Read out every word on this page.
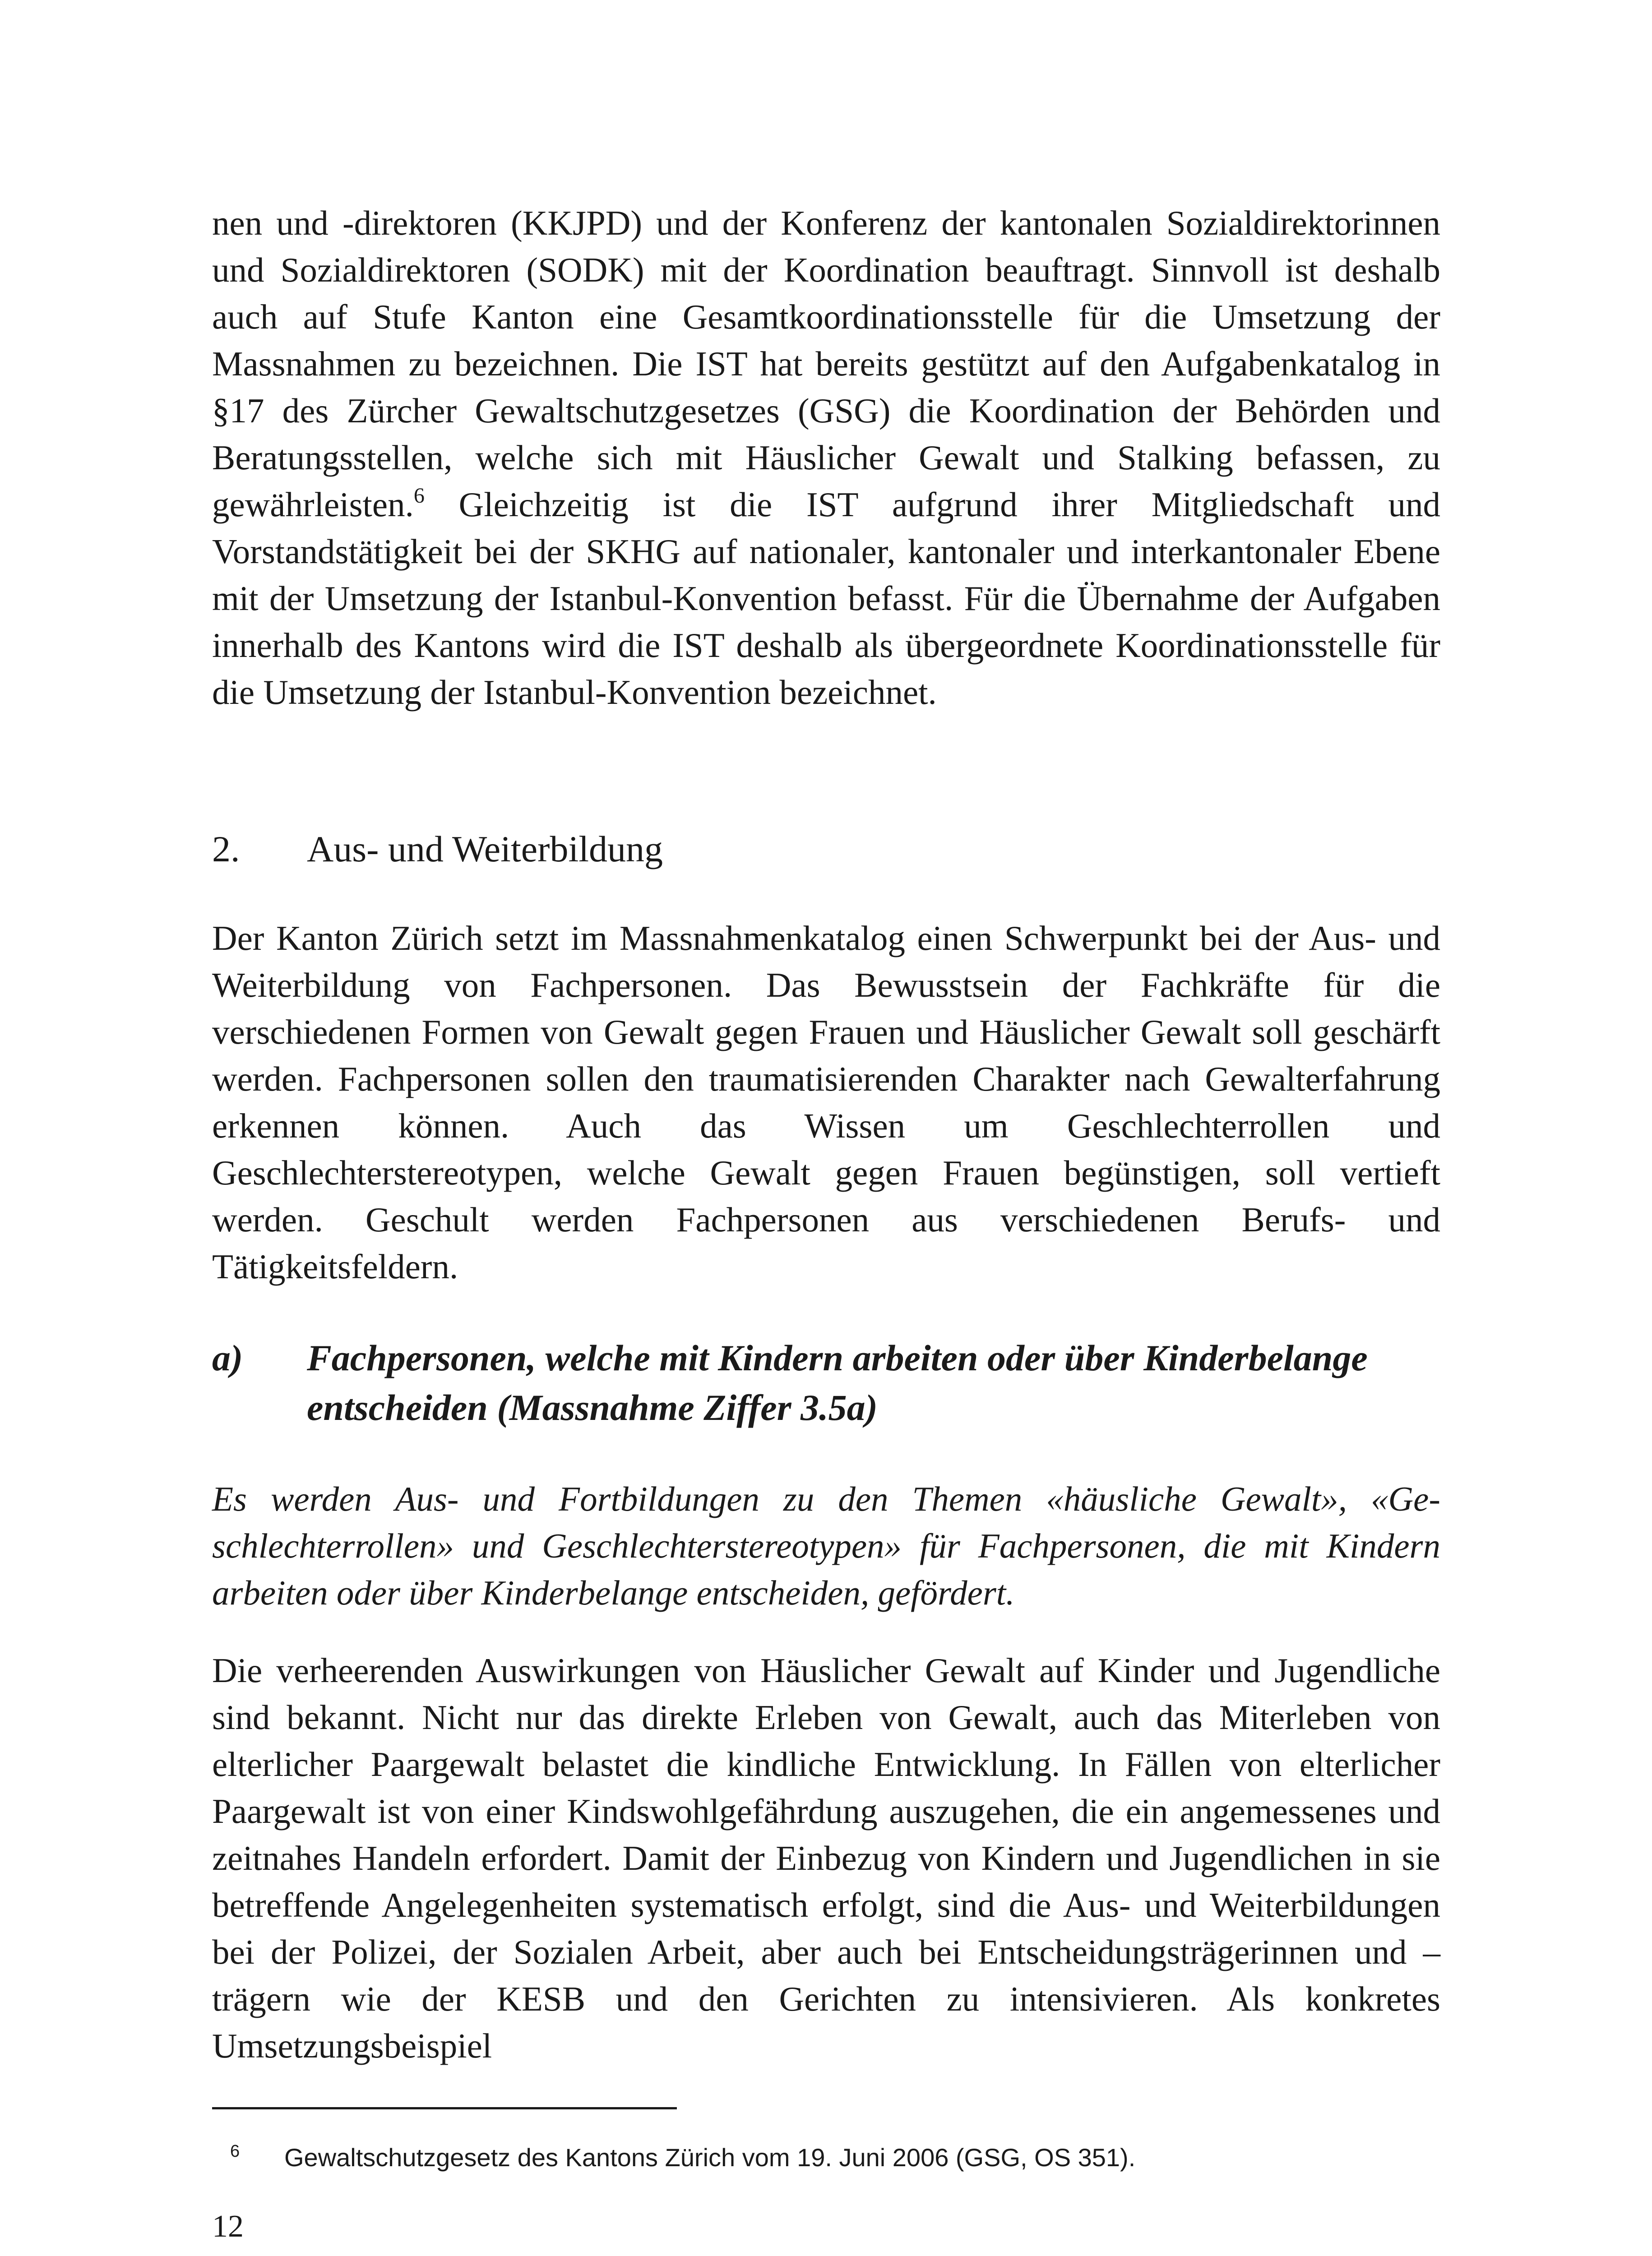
nen und -direktoren (KKJPD) und der Konferenz der kantonalen Sozialdirektorinnen und Sozialdirektoren (SODK) mit der Koordination beauftragt. Sinnvoll ist deshalb auch auf Stufe Kanton eine Gesamtkoordinationsstelle für die Umsetzung der Massnahmen zu bezeichnen. Die IST hat bereits gestützt auf den Aufgabenkatalog in §17 des Zürcher Gewaltschutzgesetzes (GSG) die Koordination der Behörden und Beratungsstellen, welche sich mit Häuslicher Gewalt und Stalking befassen, zu gewährleisten.$^6$ Gleichzeitig ist die IST aufgrund ihrer Mitgliedschaft und Vorstandstätigkeit bei der SKHG auf nationaler, kantonaler und interkantonaler Ebene mit der Umsetzung der Istanbul-Konvention befasst. Für die Übernahme der Aufgaben innerhalb des Kantons wird die IST deshalb als übergeordnete Koordinationsstelle für die Umsetzung der Istanbul-Konvention bezeichnet.

2.	Aus- und Weiterbildung

Der Kanton Zürich setzt im Massnahmenkatalog einen Schwerpunkt bei der Aus- und Weiterbildung von Fachpersonen. Das Bewusstsein der Fachkräfte für die verschiedenen Formen von Gewalt gegen Frauen und Häuslicher Gewalt soll geschärft werden. Fachpersonen sollen den traumatisierenden Charakter nach Gewalterfahrung erkennen können. Auch das Wissen um Geschlechterrollen und Geschlechterstereotypen, welche Gewalt gegen Frauen begünstigen, soll vertieft werden. Geschult werden Fachpersonen aus verschiedenen Berufs- und Tätigkeitsfeldern.

a)	Fachpersonen, welche mit Kindern arbeiten oder über Kinderbelange entscheiden (Massnahme Ziffer 3.5a)

Es werden Aus- und Fortbildungen zu den Themen «häusliche Gewalt», «Geschlechterrollen» und Geschlechterstereotypen» für Fachpersonen, die mit Kindern arbeiten oder über Kinderbelange entscheiden, gefördert.

Die verheerenden Auswirkungen von Häuslicher Gewalt auf Kinder und Jugendliche sind bekannt. Nicht nur das direkte Erleben von Gewalt, auch das Miterleben von elterlicher Paargewalt belastet die kindliche Entwicklung. In Fällen von elterlicher Paargewalt ist von einer Kindswohlgefährdung auszugehen, die ein angemessenes und zeitnahes Handeln erfordert. Damit der Einbezug von Kindern und Jugendlichen in sie betreffende Angelegenheiten systematisch erfolgt, sind die Aus- und Weiterbildungen bei der Polizei, der Sozialen Arbeit, aber auch bei Entscheidungsträgerinnen und –trägern wie der KESB und den Gerichten zu intensivieren. Als konkretes Umsetzungsbeispiel

6	Gewaltschutzgesetz des Kantons Zürich vom 19. Juni 2006 (GSG, OS 351).

12
